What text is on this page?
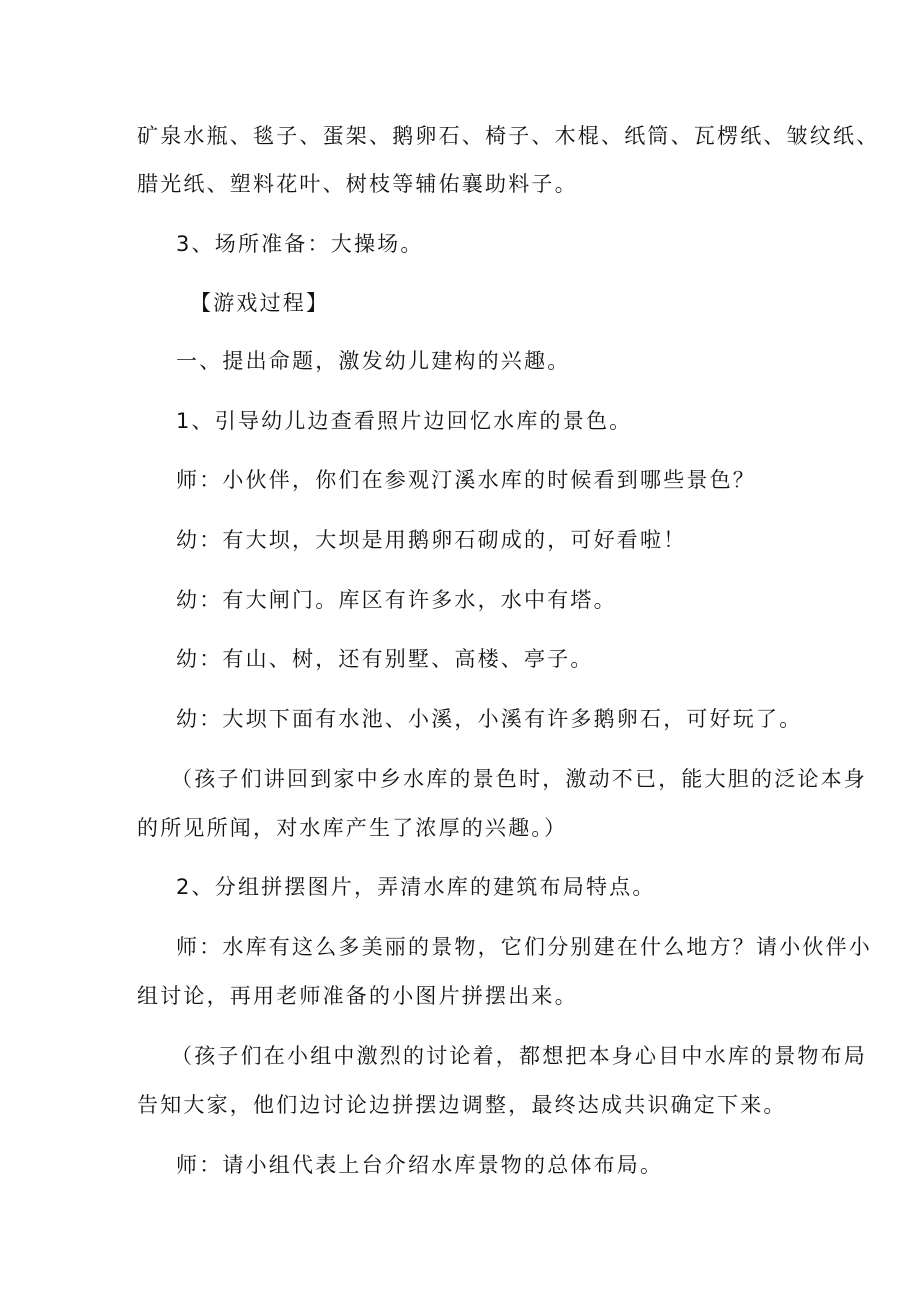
矿泉水瓶、毯子、蛋架、鹅卵石、椅子、木棍、纸筒、瓦楞纸、皱纹纸、
腊光纸、塑料花叶、树枝等辅佑襄助料子。
3、场所准备：大操场。
【游戏过程】
一、提出命题，激发幼儿建构的兴趣。
1、引导幼儿边查看照片边回忆水库的景色。
师：小伙伴，你们在参观汀溪水库的时候看到哪些景色？
幼：有大坝，大坝是用鹅卵石砌成的，可好看啦！
幼：有大闸门。库区有许多水，水中有塔。
幼：有山、树，还有别墅、高楼、亭子。
幼：大坝下面有水池、小溪，小溪有许多鹅卵石，可好玩了。
（孩子们讲回到家中乡水库的景色时，激动不已，能大胆的泛论本身
的所见所闻，对水库产生了浓厚的兴趣。）
2、分组拼摆图片，弄清水库的建筑布局特点。
师：水库有这么多美丽的景物，它们分别建在什么地方？请小伙伴小
组讨论，再用老师准备的小图片拼摆出来。
（孩子们在小组中激烈的讨论着，都想把本身心目中水库的景物布局
告知大家，他们边讨论边拼摆边调整，最终达成共识确定下来。
师：请小组代表上台介绍水库景物的总体布局。
